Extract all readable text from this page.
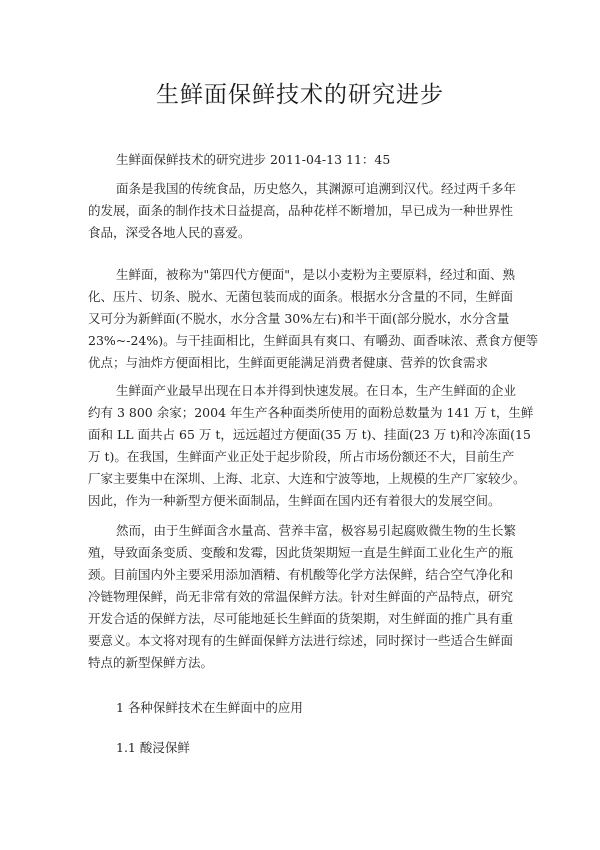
生鲜面保鲜技术的研究进步
生鲜面保鲜技术的研究进步 2011-04-13 11：45
面条是我国的传统食品，历史悠久，其渊源可追溯到汉代。经过两千多年
的发展，面条的制作技术日益提高，品种花样不断增加，早已成为一种世界性
食品，深受各地人民的喜爱。
生鲜面，被称为"第四代方便面"，是以小麦粉为主要原料，经过和面、熟
化、压片、切条、脱水、无菌包装而成的面条。根据水分含量的不同，生鲜面
又可分为新鲜面(不脱水，水分含量 30%左右)和半干面(部分脱水，水分含量
23%~-24%)。与干挂面相比，生鲜面具有爽口、有嚼劲、面香味浓、煮食方便等
优点；与油炸方便面相比，生鲜面更能满足消费者健康、营养的饮食需求
生鲜面产业最早出现在日本并得到快速发展。在日本，生产生鲜面的企业
约有 3 800 余家；2004 年生产各种面类所使用的面粉总数量为 141 万 t，生鲜
面和 LL 面共占 65 万 t，远远超过方便面(35 万 t)、挂面(23 万 t)和冷冻面(15
万 t)。在我国，生鲜面产业正处于起步阶段，所占市场份额还不大，目前生产
厂家主要集中在深圳、上海、北京、大连和宁波等地，上规模的生产厂家较少。
因此，作为一种新型方便米面制品，生鲜面在国内还有着很大的发展空间。
然而，由于生鲜面含水量高、营养丰富，极容易引起腐败微生物的生长繁
殖，导致面条变质、变酸和发霉，因此货架期短一直是生鲜面工业化生产的瓶
颈。目前国内外主要采用添加酒精、有机酸等化学方法保鲜，结合空气净化和
冷链物理保鲜，尚无非常有效的常温保鲜方法。针对生鲜面的产品特点，研究
开发合适的保鲜方法，尽可能地延长生鲜面的货架期，对生鲜面的推广具有重
要意义。本文将对现有的生鲜面保鲜方法进行综述，同时探讨一些适合生鲜面
特点的新型保鲜方法。
1 各种保鲜技术在生鲜面中的应用
1.1 酸浸保鲜
